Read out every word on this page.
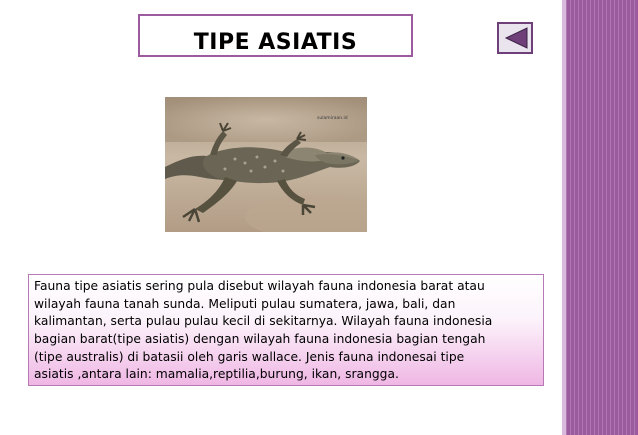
TIPE ASIATIS
sulamiraan.id
Fauna tipe asiatis sering pula disebut wilayah fauna indonesia barat atau
wilayah fauna tanah sunda. Meliputi pulau sumatera, jawa, bali, dan
kalimantan, serta pulau pulau kecil di sekitarnya. Wilayah fauna indonesia
bagian barat(tipe asiatis) dengan wilayah fauna indonesia bagian tengah
(tipe australis) di batasii oleh garis wallace. Jenis fauna indonesai tipe
asiatis ,antara lain: mamalia,reptilia,burung, ikan, srangga.
